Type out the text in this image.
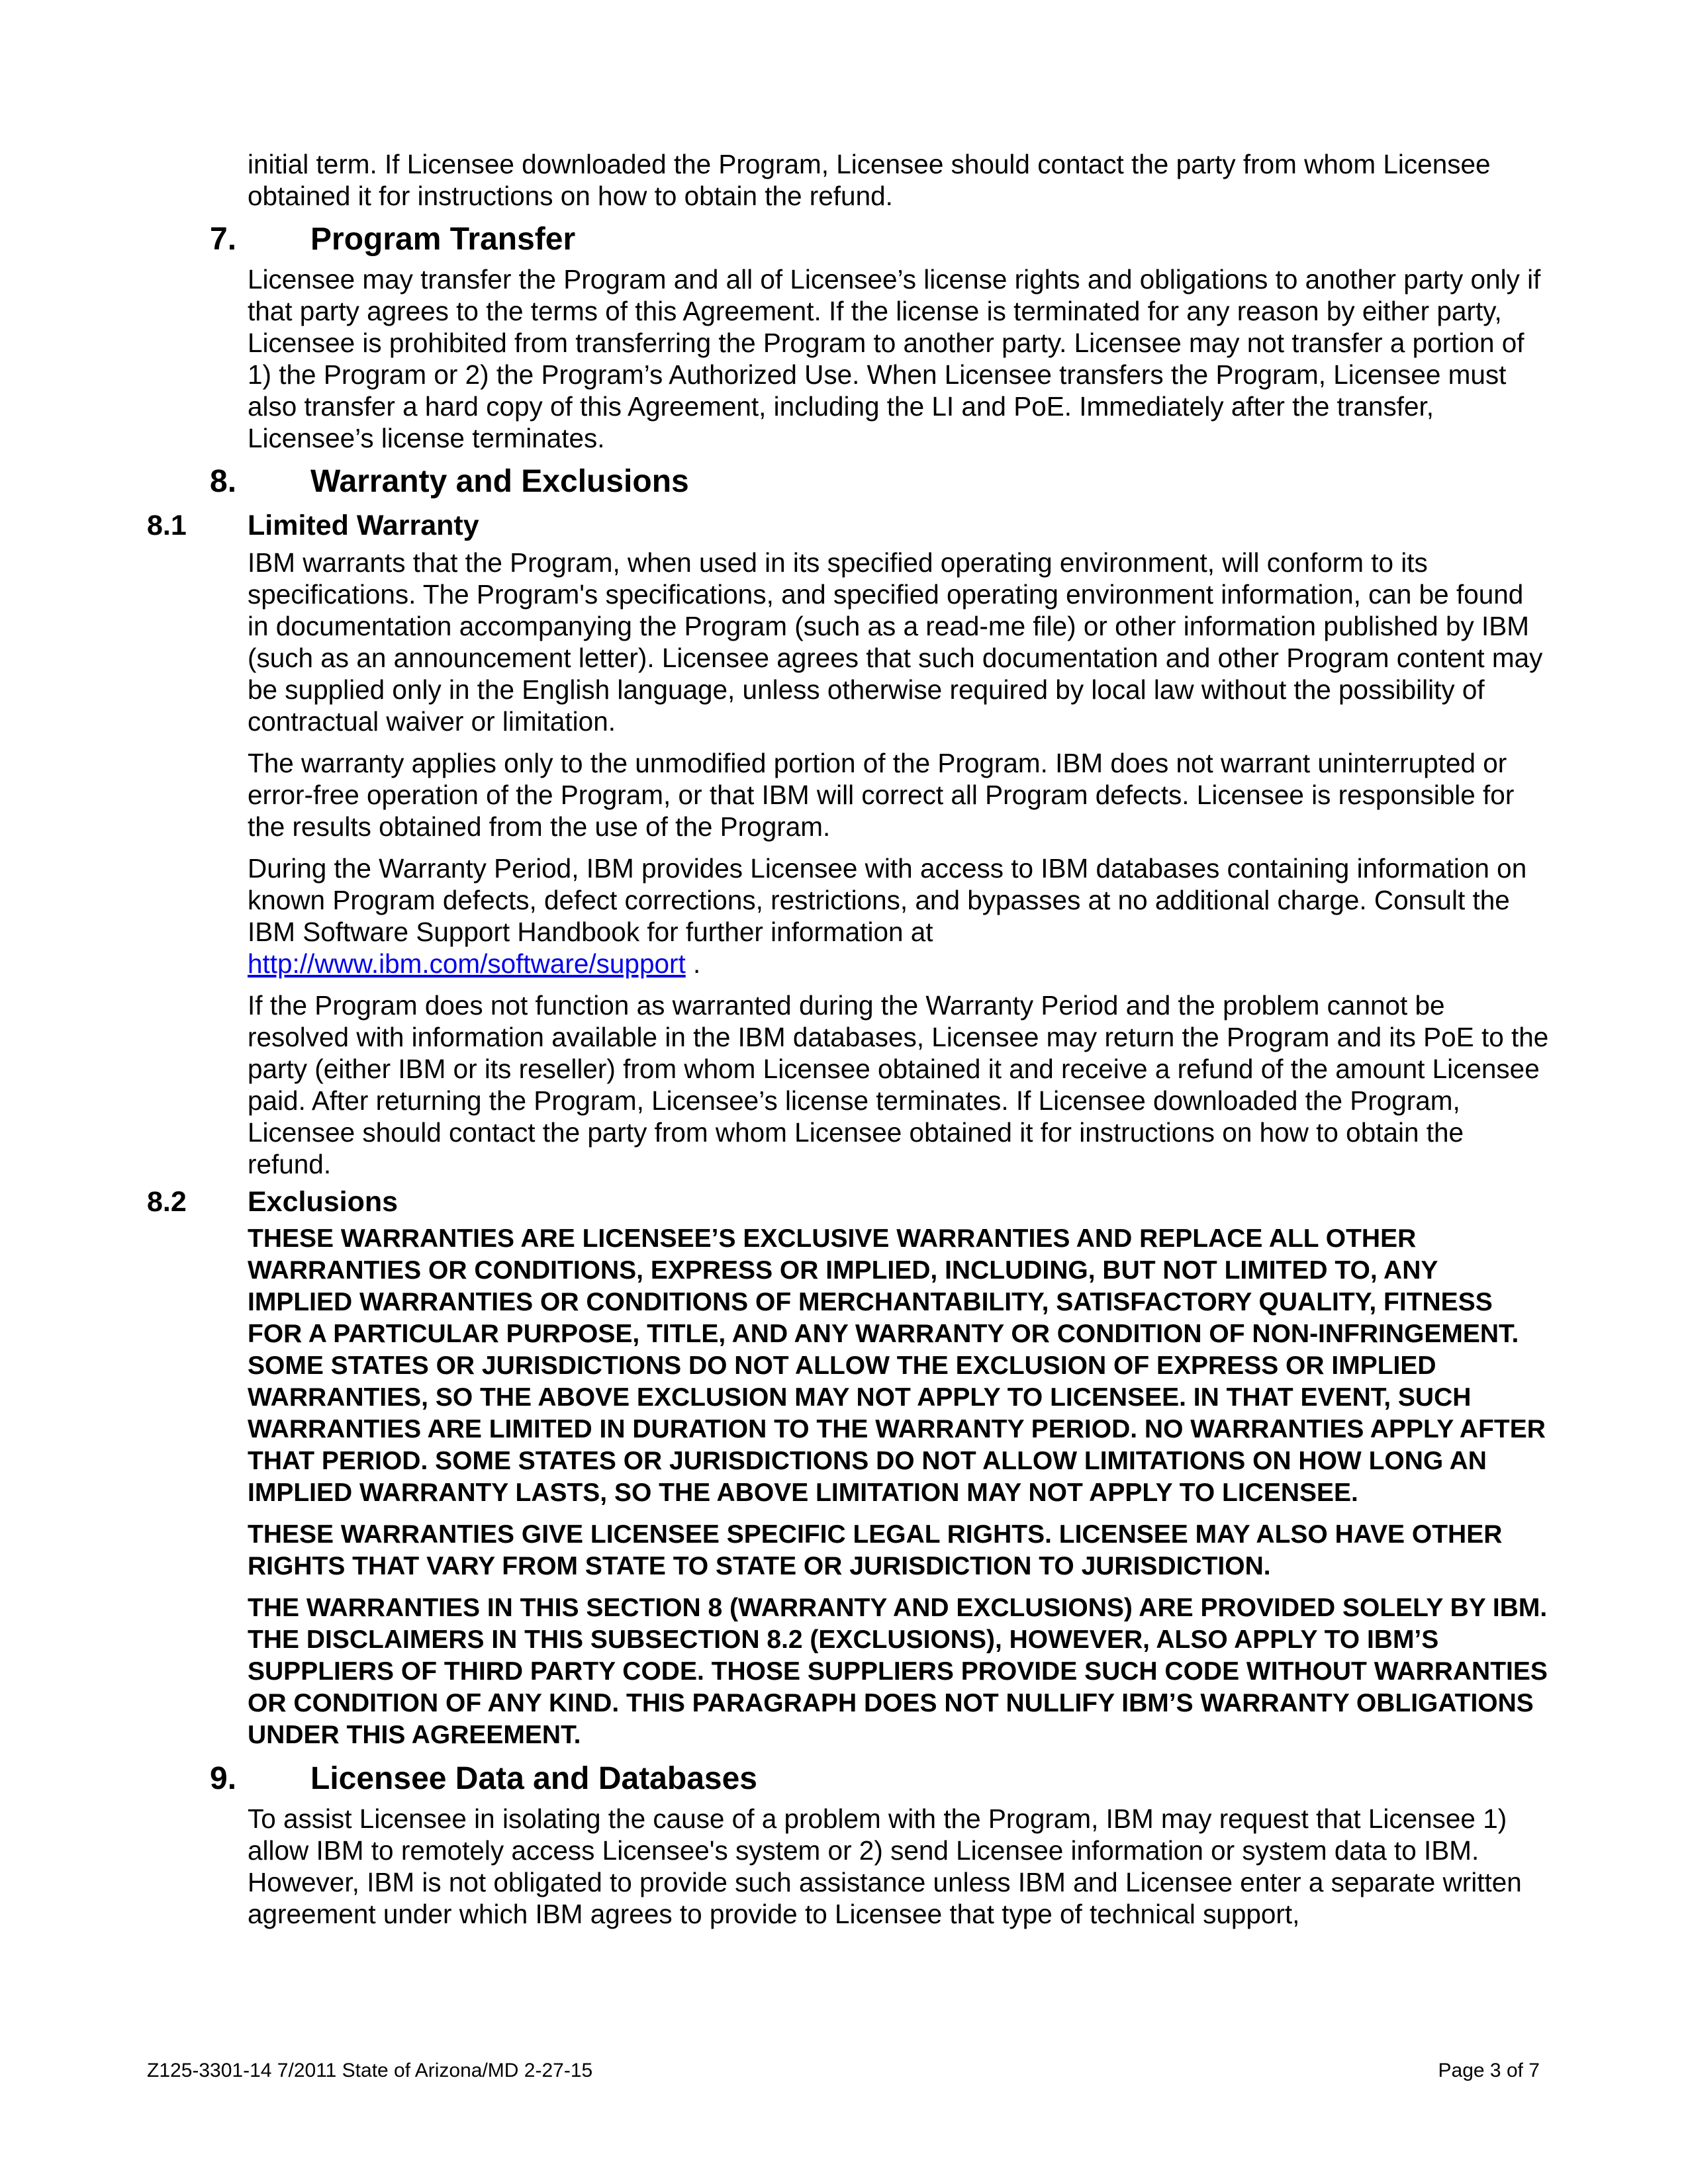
initial term. If Licensee downloaded the Program, Licensee should contact the party from whom Licensee obtained it for instructions on how to obtain the refund.

7.	Program Transfer

Licensee may transfer the Program and all of Licensee’s license rights and obligations to another party only if that party agrees to the terms of this Agreement. If the license is terminated for any reason by either party, Licensee is prohibited from transferring the Program to another party. Licensee may not transfer a portion of 1) the Program or 2) the Program’s Authorized Use. When Licensee transfers the Program, Licensee must also transfer a hard copy of this Agreement, including the LI and PoE. Immediately after the transfer, Licensee’s license terminates.

8.	Warranty and Exclusions
8.1 Limited Warranty

IBM warrants that the Program, when used in its specified operating environment, will conform to its specifications. The Program's specifications, and specified operating environment information, can be found in documentation accompanying the Program (such as a read-me file) or other information published by IBM (such as an announcement letter). Licensee agrees that such documentation and other Program content may be supplied only in the English language, unless otherwise required by local law without the possibility of contractual waiver or limitation.

The warranty applies only to the unmodified portion of the Program. IBM does not warrant uninterrupted or error-free operation of the Program, or that IBM will correct all Program defects. Licensee is responsible for the results obtained from the use of the Program.

During the Warranty Period, IBM provides Licensee with access to IBM databases containing information on known Program defects, defect corrections, restrictions, and bypasses at no additional charge. Consult the IBM Software Support Handbook for further information at
http://www.ibm.com/software/support .

If the Program does not function as warranted during the Warranty Period and the problem cannot be resolved with information available in the IBM databases, Licensee may return the Program and its PoE to the party (either IBM or its reseller) from whom Licensee obtained it and receive a refund of the amount Licensee paid. After returning the Program, Licensee’s license terminates. If Licensee downloaded the Program, Licensee should contact the party from whom Licensee obtained it for instructions on how to obtain the refund.

8.2 Exclusions

THESE WARRANTIES ARE LICENSEE’S EXCLUSIVE WARRANTIES AND REPLACE ALL OTHER WARRANTIES OR CONDITIONS, EXPRESS OR IMPLIED, INCLUDING, BUT NOT LIMITED TO, ANY IMPLIED WARRANTIES OR CONDITIONS OF MERCHANTABILITY, SATISFACTORY QUALITY, FITNESS FOR A PARTICULAR PURPOSE, TITLE, AND ANY WARRANTY OR CONDITION OF NON-INFRINGEMENT. SOME STATES OR JURISDICTIONS DO NOT ALLOW THE EXCLUSION OF EXPRESS OR IMPLIED WARRANTIES, SO THE ABOVE EXCLUSION MAY NOT APPLY TO LICENSEE. IN THAT EVENT, SUCH WARRANTIES ARE LIMITED IN DURATION TO THE WARRANTY PERIOD. NO WARRANTIES APPLY AFTER THAT PERIOD. SOME STATES OR JURISDICTIONS DO NOT ALLOW LIMITATIONS ON HOW LONG AN IMPLIED WARRANTY LASTS, SO THE ABOVE LIMITATION MAY NOT APPLY TO LICENSEE.

THESE WARRANTIES GIVE LICENSEE SPECIFIC LEGAL RIGHTS. LICENSEE MAY ALSO HAVE OTHER RIGHTS THAT VARY FROM STATE TO STATE OR JURISDICTION TO JURISDICTION.

THE WARRANTIES IN THIS SECTION 8 (WARRANTY AND EXCLUSIONS) ARE PROVIDED SOLELY BY IBM. THE DISCLAIMERS IN THIS SUBSECTION 8.2 (EXCLUSIONS), HOWEVER, ALSO APPLY TO IBM’S SUPPLIERS OF THIRD PARTY CODE. THOSE SUPPLIERS PROVIDE SUCH CODE WITHOUT WARRANTIES OR CONDITION OF ANY KIND. THIS PARAGRAPH DOES NOT NULLIFY IBM’S WARRANTY OBLIGATIONS UNDER THIS AGREEMENT.

9.	Licensee Data and Databases

To assist Licensee in isolating the cause of a problem with the Program, IBM may request that Licensee 1) allow IBM to remotely access Licensee's system or 2) send Licensee information or system data to IBM. However, IBM is not obligated to provide such assistance unless IBM and Licensee enter a separate written agreement under which IBM agrees to provide to Licensee that type of technical support,

Z125-3301-14 7/2011 State of Arizona/MD 2-27-15	Page 3 of 7
